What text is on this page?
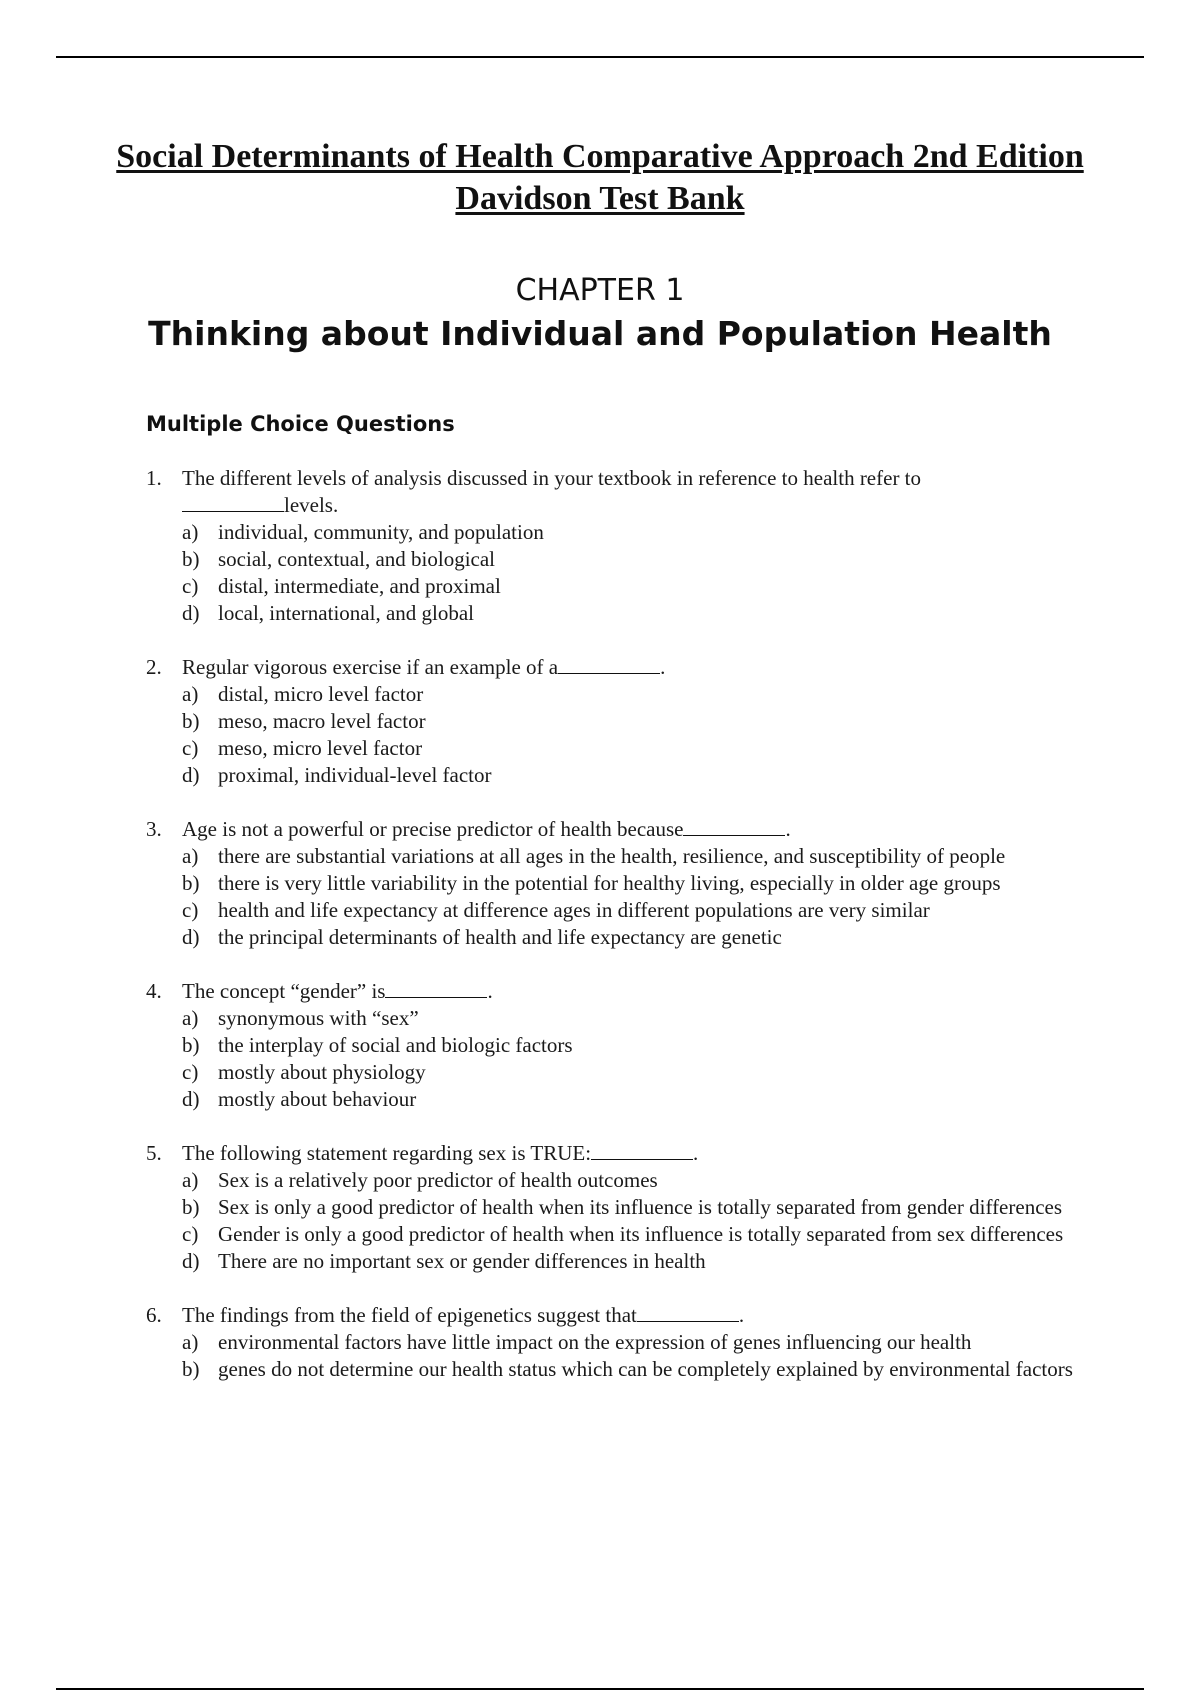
Social Determinants of Health Comparative Approach 2nd Edition
Davidson Test Bank
CHAPTER 1
Thinking about Individual and Population Health
Multiple Choice Questions
1. The different levels of analysis discussed in your textbook in reference to health refer to
levels.
a) individual, community, and population
b) social, contextual, and biological
c) distal, intermediate, and proximal
d) local, international, and global
2. Regular vigorous exercise if an example of a	.
a) distal, micro level factor
b) meso, macro level factor
c) meso, micro level factor
d) proximal, individual-level factor
3. Age is not a powerful or precise predictor of health because	.
a) there are substantial variations at all ages in the health, resilience, and susceptibility of people
b) there is very little variability in the potential for healthy living, especially in older age groups
c) health and life expectancy at difference ages in different populations are very similar
d) the principal determinants of health and life expectancy are genetic
4. The concept “gender” is	.
a) synonymous with “sex”
b) the interplay of social and biologic factors
c) mostly about physiology
d) mostly about behaviour
5. The following statement regarding sex is TRUE:	.
a) Sex is a relatively poor predictor of health outcomes
b) Sex is only a good predictor of health when its influence is totally separated from gender differences
c) Gender is only a good predictor of health when its influence is totally separated from sex differences
d) There are no important sex or gender differences in health
6. The findings from the field of epigenetics suggest that	.
a) environmental factors have little impact on the expression of genes influencing our health
b) genes do not determine our health status which can be completely explained by environmental factors
